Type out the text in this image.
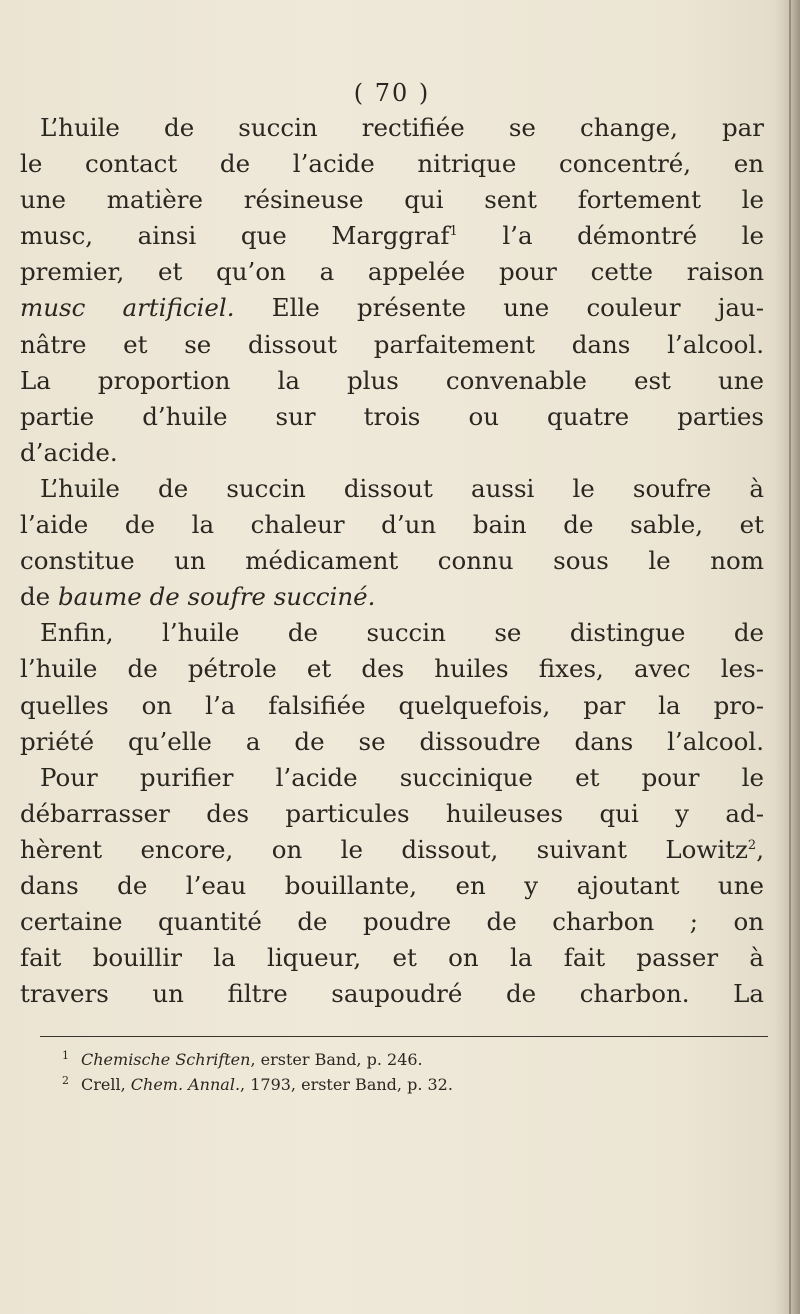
( 70 )
L’huile de succin rectifiée se change, par
le contact de l’acide nitrique concentré, en
une matière résineuse qui sent fortement le
musc, ainsi que Marggraf$^1$ l’a démontré le
premier, et qu’on a appelée pour cette raison
musc artificiel. Elle présente une couleur jau-
nâtre et se dissout parfaitement dans l’alcool.
La proportion la plus convenable est une
partie d’huile sur trois ou quatre parties
d’acide.
L’huile de succin dissout aussi le soufre à
l’aide de la chaleur d’un bain de sable, et
constitue un médicament connu sous le nom
de baume de soufre succiné.
Enfin, l’huile de succin se distingue de
l’huile de pétrole et des huiles fixes, avec les-
quelles on l’a falsifiée quelquefois, par la pro-
priété qu’elle a de se dissoudre dans l’alcool.
Pour purifier l’acide succinique et pour le
débarrasser des particules huileuses qui y ad-
hèrent encore, on le dissout, suivant Lowitz$^2$,
dans de l’eau bouillante, en y ajoutant une
certaine quantité de poudre de charbon ; on
fait bouillir la liqueur, et on la fait passer à
travers un filtre saupoudré de charbon. La
$^1$ Chemische Schriften, erster Band, p. 246.
$^2$ Crell, Chem. Annal., 1793, erster Band, p. 32.
